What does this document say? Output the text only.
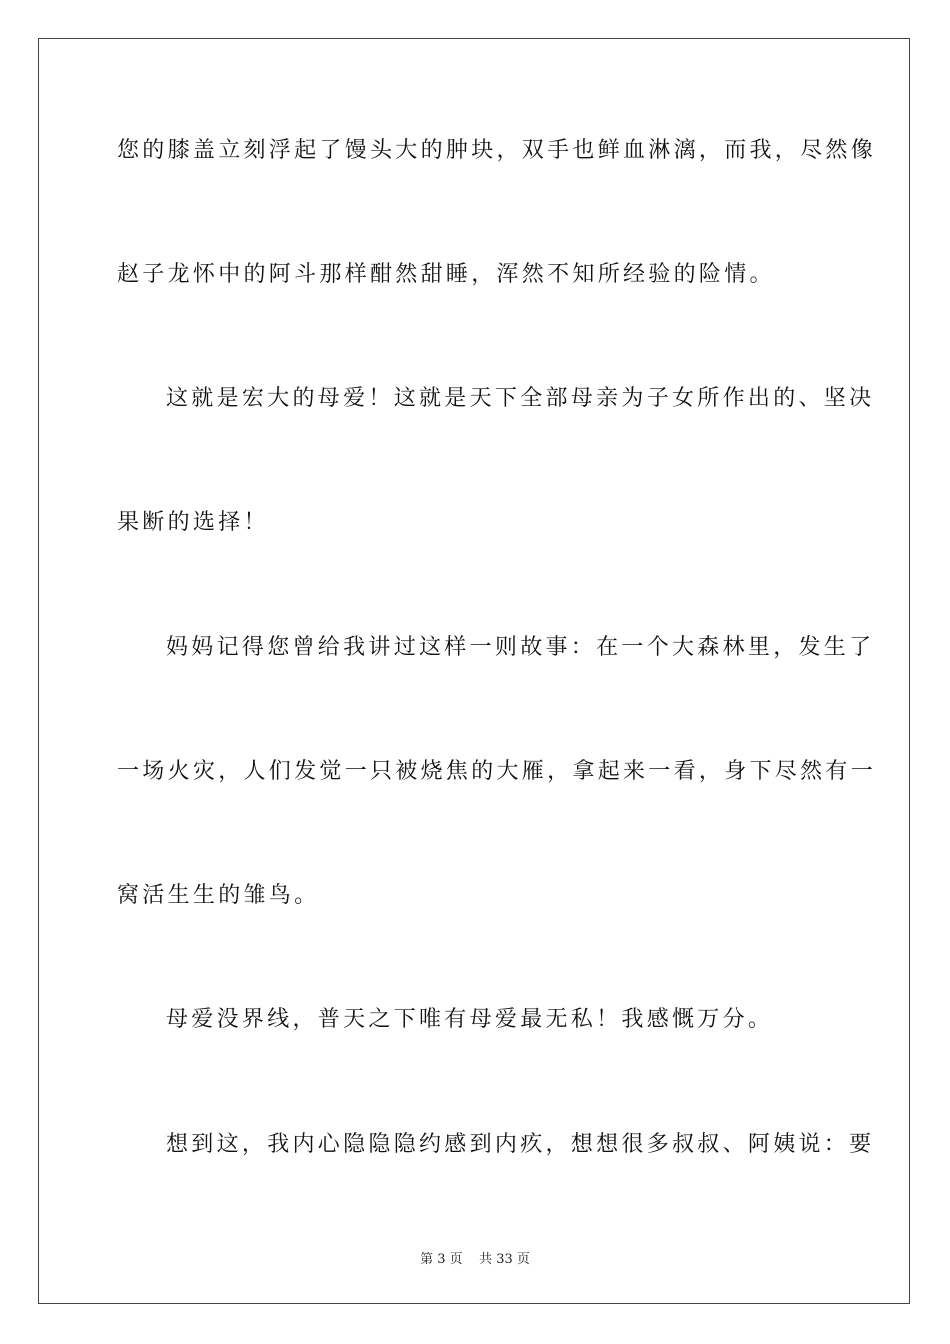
您的膝盖立刻浮起了馒头大的肿块，双手也鲜血淋漓，而我，尽然像
赵子龙怀中的阿斗那样酣然甜睡，浑然不知所经验的险情。
这就是宏大的母爱！这就是天下全部母亲为子女所作出的、坚决
果断的选择！
妈妈记得您曾给我讲过这样一则故事：在一个大森林里，发生了
一场火灾，人们发觉一只被烧焦的大雁，拿起来一看，身下尽然有一
窝活生生的雏鸟。
母爱没界线，普天之下唯有母爱最无私！我感慨万分。
想到这，我内心隐隐隐约感到内疚，想想很多叔叔、阿姨说：要
第 3 页    共 33 页
